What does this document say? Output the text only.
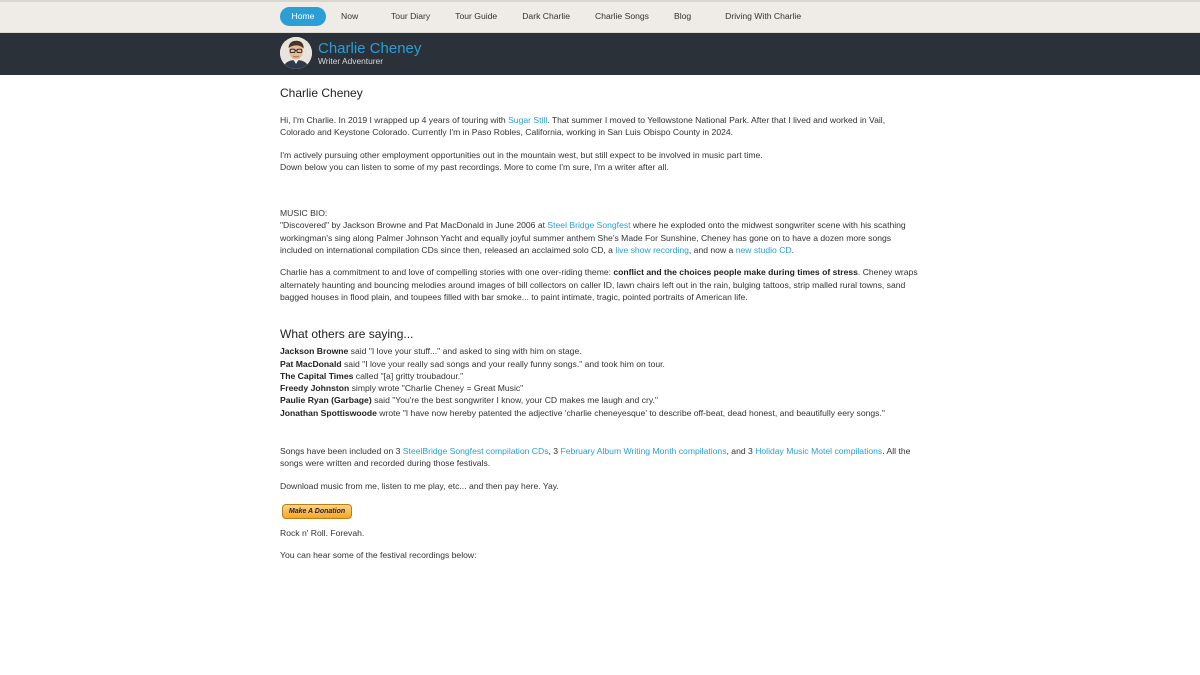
Home	Now	Tour Diary	Tour Guide	Dark Charlie	Charlie Songs	Blog	Driving With Charlie
Charlie Cheney
Writer Adventurer
Charlie Cheney

Hi, I'm Charlie. In 2019 I wrapped up 4 years of touring with Sugar Still. That summer I moved to Yellowstone National Park. After that I lived and worked in Vail, Colorado and Keystone Colorado. Currently I'm in Paso Robles, California, working in San Luis Obispo County in 2024.

I'm actively pursuing other employment opportunities out in the mountain west, but still expect to be involved in music part time.
Down below you can listen to some of my past recordings. More to come I'm sure, I'm a writer after all.

MUSIC BIO:
"Discovered" by Jackson Browne and Pat MacDonald in June 2006 at Steel Bridge Songfest where he exploded onto the midwest songwriter scene with his scathing workingman's sing along Palmer Johnson Yacht and equally joyful summer anthem She's Made For Sunshine, Cheney has gone on to have a dozen more songs included on international compilation CDs since then, released an acclaimed solo CD, a live show recording, and now a new studio CD.

Charlie has a commitment to and love of compelling stories with one over-riding theme: conflict and the choices people make during times of stress. Cheney wraps alternately haunting and bouncing melodies around images of bill collectors on caller ID, lawn chairs left out in the rain, bulging tattoos, strip malled rural towns, sand bagged houses in flood plain, and toupees filled with bar smoke... to paint intimate, tragic, pointed portraits of American life.

What others are saying...

Jackson Browne said "I love your stuff..." and asked to sing with him on stage.

Pat MacDonald said "I love your really sad songs and your really funny songs." and took him on tour.

The Capital Times called "[a] gritty troubadour."

Freedy Johnston simply wrote "Charlie Cheney = Great Music"

Paulie Ryan (Garbage) said "You're the best songwriter I know, your CD makes me laugh and cry."

Jonathan Spottiswoode wrote "I have now hereby patented the adjective 'charlie cheneyesque' to describe off-beat, dead honest, and beautifully eery songs."

Songs have been included on 3 SteelBridge Songfest compilation CDs, 3 February Album Writing Month compilations, and 3 Holiday Music Motel compilations. All the songs were written and recorded during those festivals.

Download music from me, listen to me play, etc... and then pay here. Yay.

Make A Donation

Rock n' Roll. Forevah.

You can hear some of the festival recordings below:
